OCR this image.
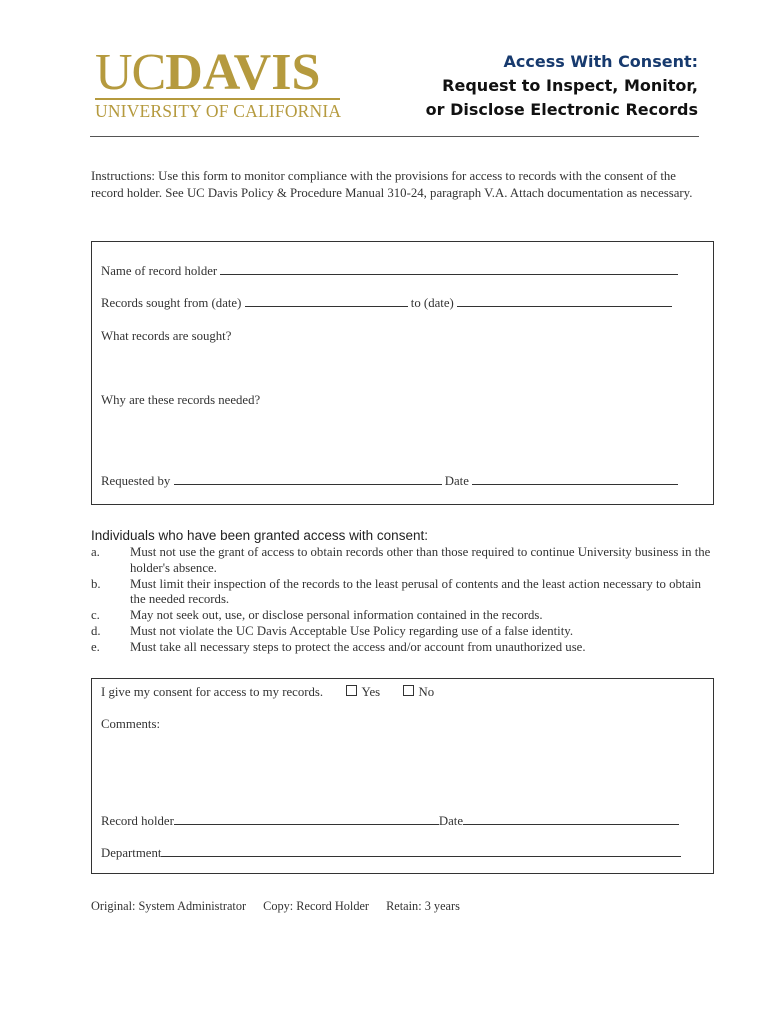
UCDAVIS
UNIVERSITY OF CALIFORNIA
Access With Consent:
Request to Inspect, Monitor,
or Disclose Electronic Records
Instructions: Use this form to monitor compliance with the provisions for access to records with the consent of the record holder. See UC Davis Policy & Procedure Manual 310-24, paragraph V.A. Attach documentation as necessary.
Name of record holder
Records sought from (date)	to (date)
What records are sought?
Why are these records needed?
Requested by	Date
Individuals who have been granted access with consent:
a.	Must not use the grant of access to obtain records other than those required to continue University business in the holder's absence.
b.	Must limit their inspection of the records to the least perusal of contents and the least action necessary to obtain the needed records.
c.	May not seek out, use, or disclose personal information contained in the records.
d.	Must not violate the UC Davis Acceptable Use Policy regarding use of a false identity.
e.	Must take all necessary steps to protect the access and/or account from unauthorized use.
I give my consent for access to my records.	Yes	No
Comments:
Record holder	Date
Department
Original: System Administrator Copy: Record Holder Retain: 3 years
